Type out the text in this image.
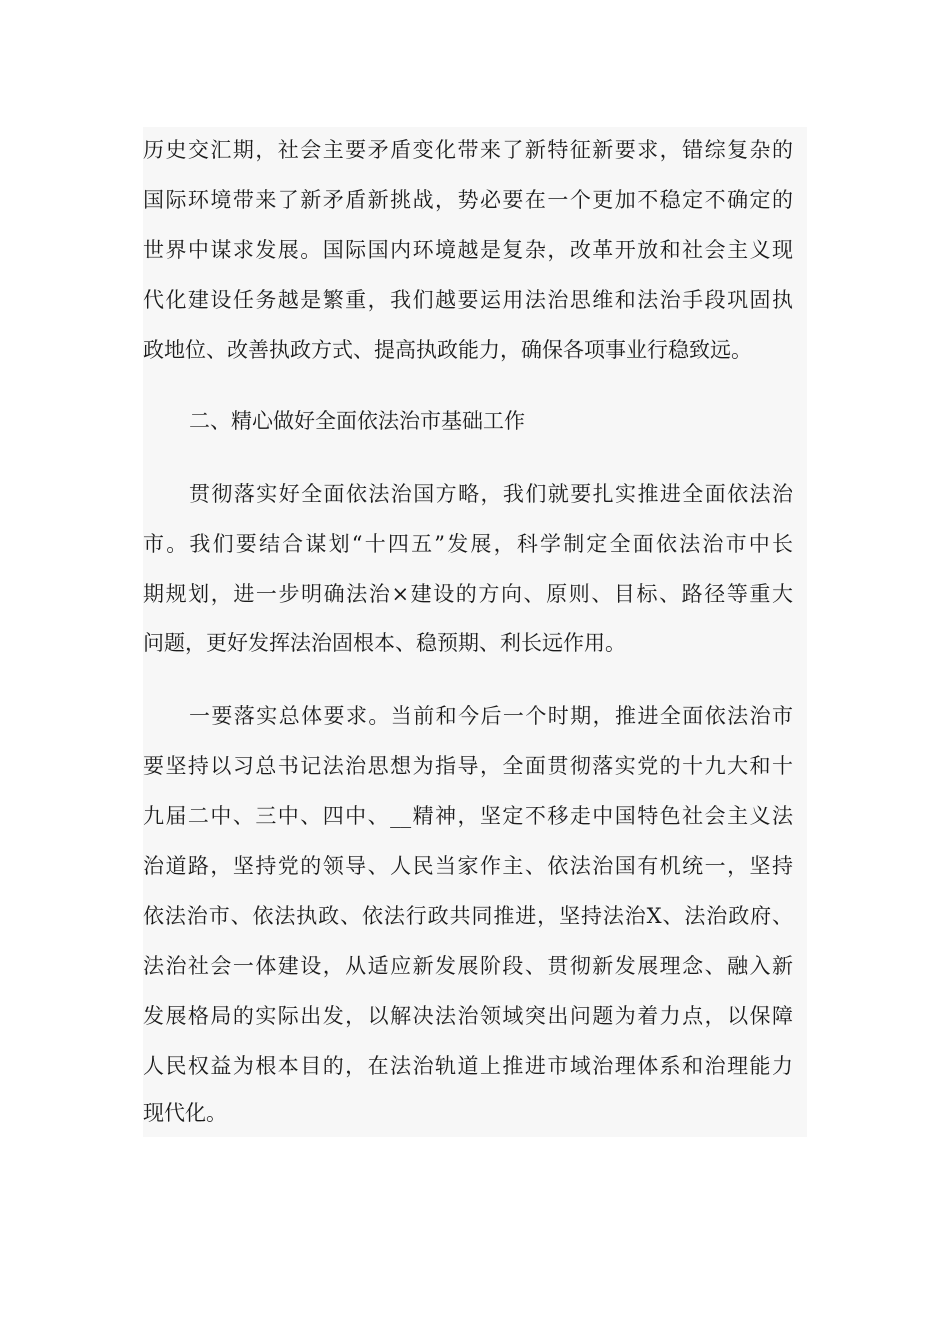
历史交汇期，社会主要矛盾变化带来了新特征新要求，错综复杂的
国际环境带来了新矛盾新挑战，势必要在一个更加不稳定不确定的
世界中谋求发展。国际国内环境越是复杂，改革开放和社会主义现
代化建设任务越是繁重，我们越要运用法治思维和法治手段巩固执
政地位、改善执政方式、提高执政能力，确保各项事业行稳致远。
二、精心做好全面依法治市基础工作
贯彻落实好全面依法治国方略，我们就要扎实推进全面依法治
市。我们要结合谋划“十四五”发展，科学制定全面依法治市中长
期规划，进一步明确法治×建设的方向、原则、目标、路径等重大
问题，更好发挥法治固根本、稳预期、利长远作用。
一要落实总体要求。当前和今后一个时期，推进全面依法治市
要坚持以习总书记法治思想为指导，全面贯彻落实党的十九大和十
九届二中、三中、四中、__精神，坚定不移走中国特色社会主义法
治道路，坚持党的领导、人民当家作主、依法治国有机统一，坚持
依法治市、依法执政、依法行政共同推进，坚持法治X、法治政府、
法治社会一体建设，从适应新发展阶段、贯彻新发展理念、融入新
发展格局的实际出发，以解决法治领域突出问题为着力点，以保障
人民权益为根本目的，在法治轨道上推进市域治理体系和治理能力
现代化。
